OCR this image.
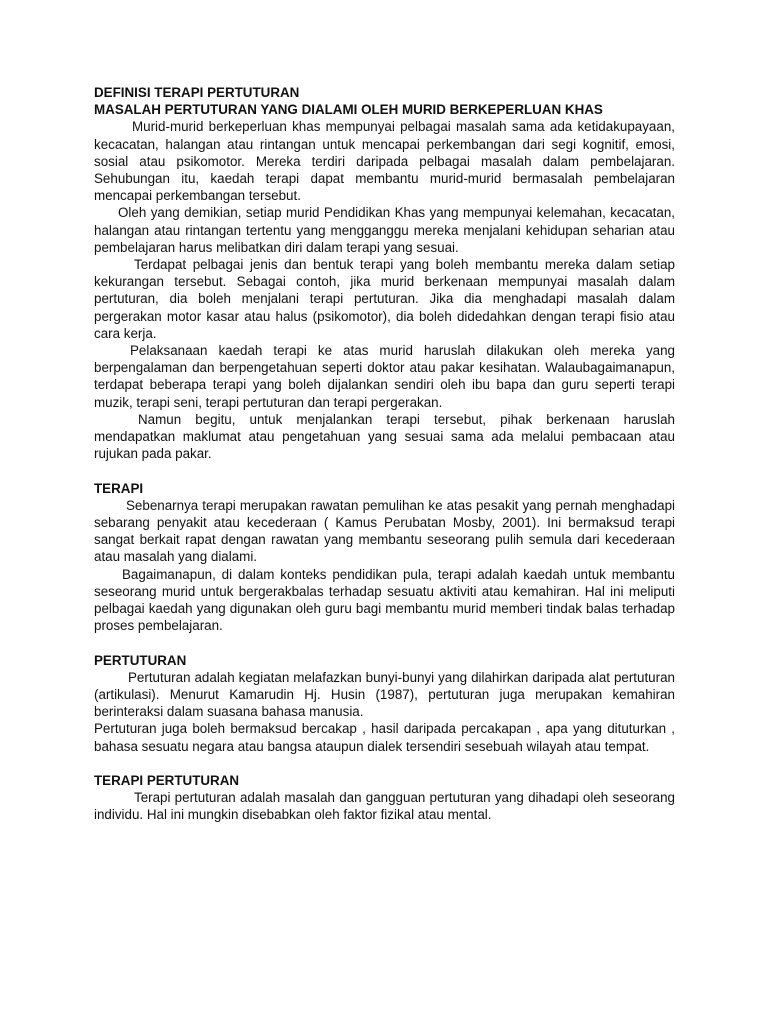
DEFINISI TERAPI PERTUTURAN

MASALAH PERTUTURAN YANG DIALAMI OLEH MURID BERKEPERLUAN KHAS

Murid-murid berkeperluan khas mempunyai pelbagai masalah sama ada ketidakupayaan, kecacatan, halangan atau rintangan untuk mencapai perkembangan dari segi kognitif, emosi, sosial atau psikomotor. Mereka terdiri daripada pelbagai masalah dalam pembelajaran. Sehubungan itu, kaedah terapi dapat membantu murid-murid bermasalah pembelajaran mencapai perkembangan tersebut.

Oleh yang demikian, setiap murid Pendidikan Khas yang mempunyai kelemahan, kecacatan, halangan atau rintangan tertentu yang mengganggu mereka menjalani kehidupan seharian atau pembelajaran harus melibatkan diri dalam terapi yang sesuai.

Terdapat pelbagai jenis dan bentuk terapi yang boleh membantu mereka dalam setiap kekurangan tersebut. Sebagai contoh, jika murid berkenaan mempunyai masalah dalam pertuturan, dia boleh menjalani terapi pertuturan. Jika dia menghadapi masalah dalam pergerakan motor kasar atau halus (psikomotor), dia boleh didedahkan dengan terapi fisio atau cara kerja.

Pelaksanaan kaedah terapi ke atas murid haruslah dilakukan oleh mereka yang berpengalaman dan berpengetahuan seperti doktor atau pakar kesihatan. Walaubagaimanapun, terdapat beberapa terapi yang boleh dijalankan sendiri oleh ibu bapa dan guru seperti terapi muzik, terapi seni, terapi pertuturan dan terapi pergerakan.

Namun begitu, untuk menjalankan terapi tersebut, pihak berkenaan haruslah mendapatkan maklumat atau pengetahuan yang sesuai sama ada melalui pembacaan atau rujukan pada pakar.

TERAPI

Sebenarnya terapi merupakan rawatan pemulihan ke atas pesakit yang pernah menghadapi sebarang penyakit atau kecederaan ( Kamus Perubatan Mosby, 2001). Ini bermaksud terapi sangat berkait rapat dengan rawatan yang membantu seseorang pulih semula dari kecederaan atau masalah yang dialami.

Bagaimanapun, di dalam konteks pendidikan pula, terapi adalah kaedah untuk membantu seseorang murid untuk bergerakbalas terhadap sesuatu aktiviti atau kemahiran. Hal ini meliputi pelbagai kaedah yang digunakan oleh guru bagi membantu murid memberi tindak balas terhadap proses pembelajaran.

PERTUTURAN

Pertuturan adalah kegiatan melafazkan bunyi-bunyi yang dilahirkan daripada alat pertuturan (artikulasi). Menurut Kamarudin Hj. Husin (1987), pertuturan juga merupakan kemahiran berinteraksi dalam suasana bahasa manusia.

Pertuturan juga boleh bermaksud bercakap , hasil daripada percakapan , apa yang dituturkan , bahasa sesuatu negara atau bangsa ataupun dialek tersendiri sesebuah wilayah atau tempat.

TERAPI PERTUTURAN

Terapi pertuturan adalah masalah dan gangguan pertuturan yang dihadapi oleh seseorang individu. Hal ini mungkin disebabkan oleh faktor fizikal atau mental.
